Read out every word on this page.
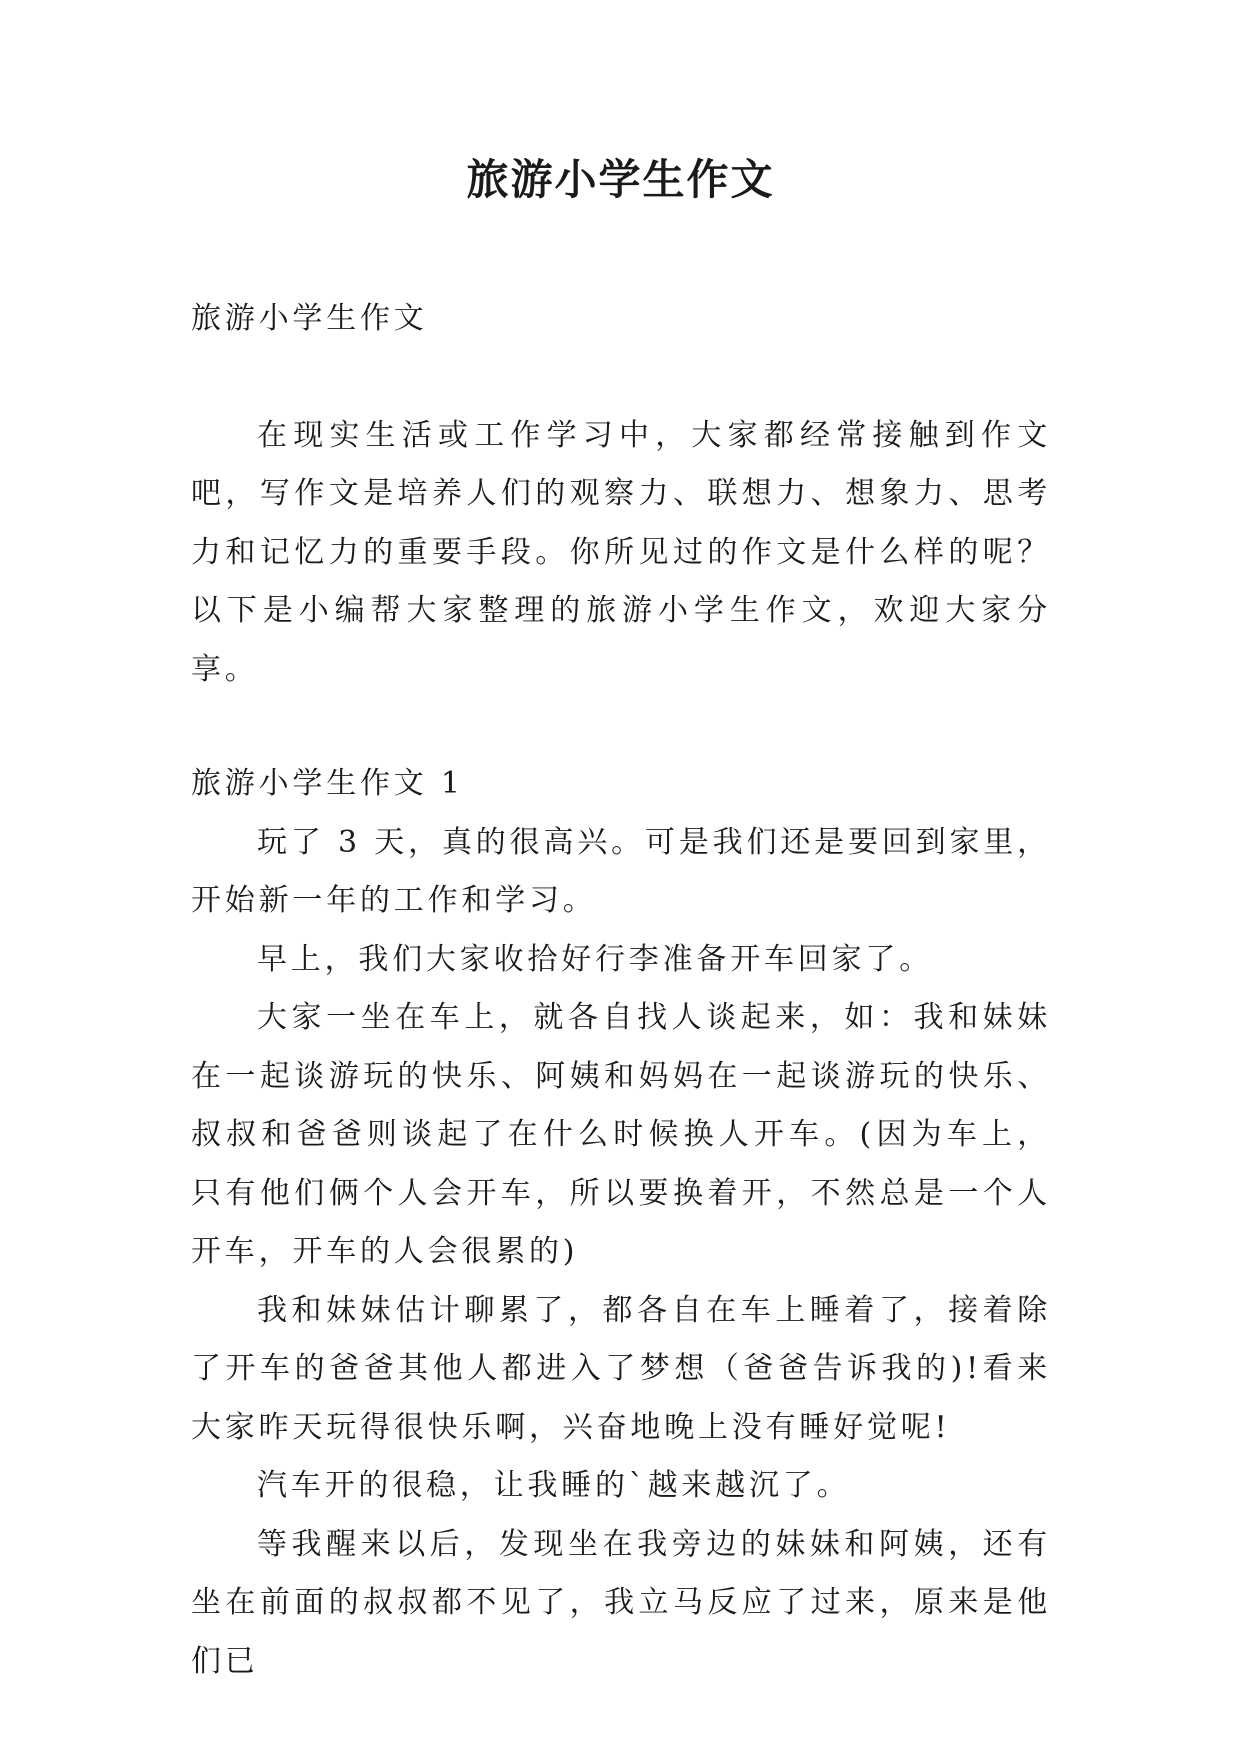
旅游小学生作文

旅游小学生作文

在现实生活或工作学习中，大家都经常接触到作文吧，写作文是培养人们的观察力、联想力、想象力、思考力和记忆力的重要手段。你所见过的作文是什么样的呢？以下是小编帮大家整理的旅游小学生作文，欢迎大家分享。

旅游小学生作文 1

玩了 3 天，真的很高兴。可是我们还是要回到家里，开始新一年的工作和学习。

早上，我们大家收拾好行李准备开车回家了。

大家一坐在车上，就各自找人谈起来，如：我和妹妹在一起谈游玩的快乐、阿姨和妈妈在一起谈游玩的快乐、叔叔和爸爸则谈起了在什么时候换人开车。(因为车上，只有他们俩个人会开车，所以要换着开，不然总是一个人开车，开车的人会很累的)

我和妹妹估计聊累了，都各自在车上睡着了，接着除了开车的爸爸其他人都进入了梦想（爸爸告诉我的)!看来大家昨天玩得很快乐啊，兴奋地晚上没有睡好觉呢!

汽车开的很稳，让我睡的`越来越沉了。

等我醒来以后，发现坐在我旁边的妹妹和阿姨，还有坐在前面的叔叔都不见了，我立马反应了过来，原来是他们已
